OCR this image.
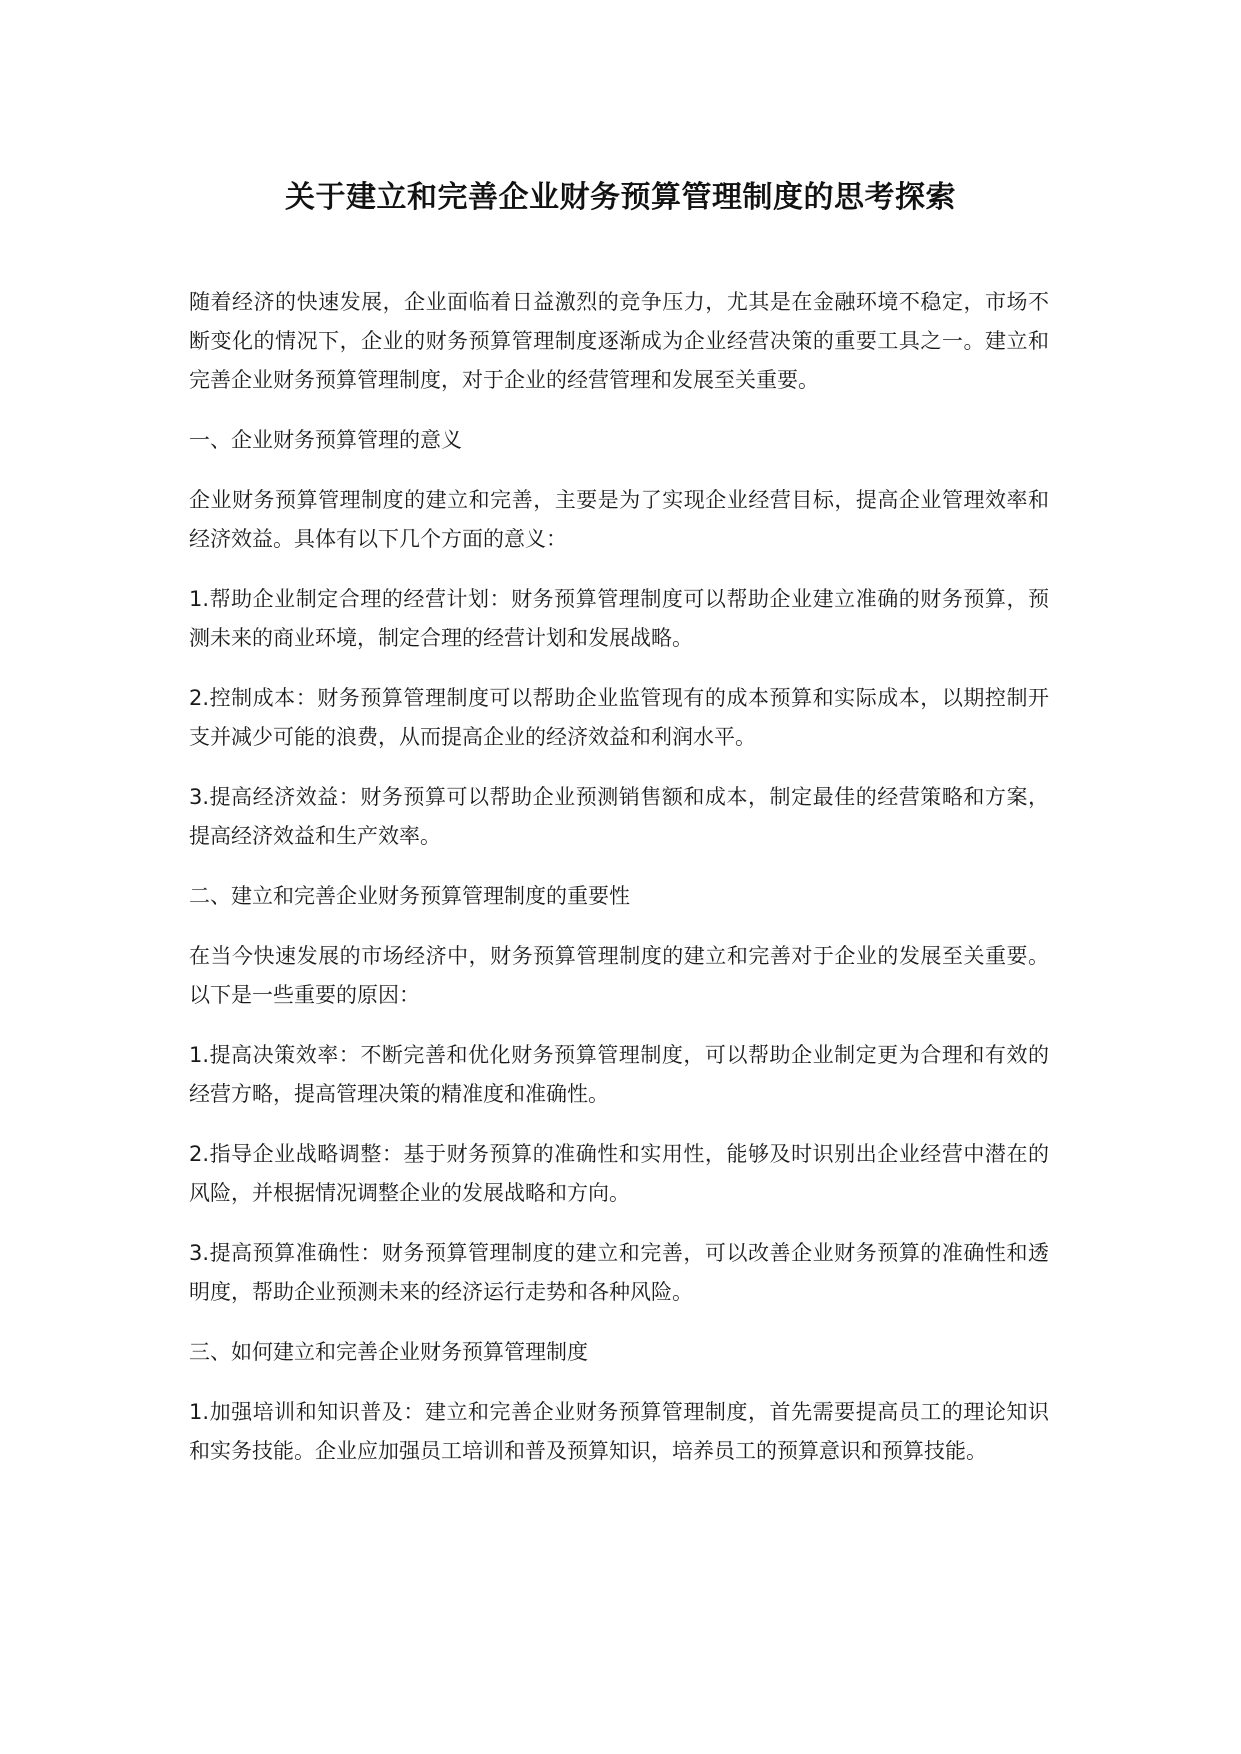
关于建立和完善企业财务预算管理制度的思考探索

随着经济的快速发展，企业面临着日益激烈的竞争压力，尤其是在金融环境不稳定，市场不断变化的情况下，企业的财务预算管理制度逐渐成为企业经营决策的重要工具之一。建立和完善企业财务预算管理制度，对于企业的经营管理和发展至关重要。

一、企业财务预算管理的意义

企业财务预算管理制度的建立和完善，主要是为了实现企业经营目标，提高企业管理效率和经济效益。具体有以下几个方面的意义：

1.帮助企业制定合理的经营计划：财务预算管理制度可以帮助企业建立准确的财务预算，预测未来的商业环境，制定合理的经营计划和发展战略。

2.控制成本：财务预算管理制度可以帮助企业监管现有的成本预算和实际成本，以期控制开支并减少可能的浪费，从而提高企业的经济效益和利润水平。

3.提高经济效益：财务预算可以帮助企业预测销售额和成本，制定最佳的经营策略和方案，提高经济效益和生产效率。

二、建立和完善企业财务预算管理制度的重要性

在当今快速发展的市场经济中，财务预算管理制度的建立和完善对于企业的发展至关重要。以下是一些重要的原因：

1.提高决策效率：不断完善和优化财务预算管理制度，可以帮助企业制定更为合理和有效的经营方略，提高管理决策的精准度和准确性。

2.指导企业战略调整：基于财务预算的准确性和实用性，能够及时识别出企业经营中潜在的风险，并根据情况调整企业的发展战略和方向。

3.提高预算准确性：财务预算管理制度的建立和完善，可以改善企业财务预算的准确性和透明度，帮助企业预测未来的经济运行走势和各种风险。

三、如何建立和完善企业财务预算管理制度

1.加强培训和知识普及：建立和完善企业财务预算管理制度，首先需要提高员工的理论知识和实务技能。企业应加强员工培训和普及预算知识，培养员工的预算意识和预算技能。
